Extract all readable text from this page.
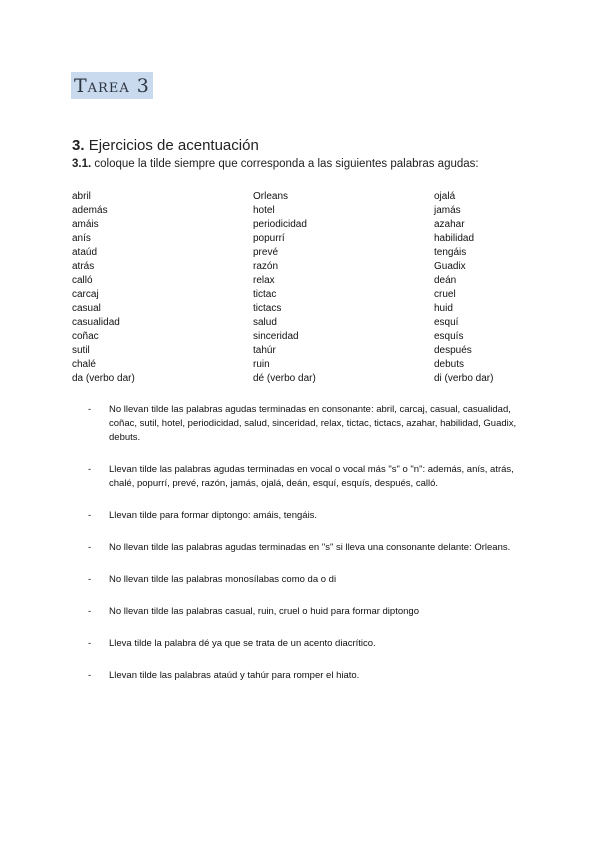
Tarea 3
3. Ejercicios de acentuación
3.1. coloque la tilde siempre que corresponda a las siguientes palabras agudas:
abril
además
amáis
anís
ataúd
atrás
calló
carcaj
casual
casualidad
coñac
sutil
chalé
da (verbo dar)
Orleans
hotel
periodicidad
popurrí
prevé
razón
relax
tictac
tictacs
salud
sinceridad
tahúr
ruin
dé (verbo dar)
ojalá
jamás
azahar
habilidad
tengáis
Guadix
deán
cruel
huid
esquí
esquís
después
debuts
di (verbo dar)
- No llevan tilde las palabras agudas terminadas en consonante: abril, carcaj, casual, casualidad, coñac, sutil, hotel, periodicidad, salud, sinceridad, relax, tictac, tictacs, azahar, habilidad, Guadix, debuts.
- Llevan tilde las palabras agudas terminadas en vocal o vocal más "s" o "n": además, anís, atrás, chalé, popurrí, prevé, razón, jamás, ojalá, deán, esquí, esquís, después, calló.
- Llevan tilde para formar diptongo: amáis, tengáis.
- No llevan tilde las palabras agudas terminadas en "s" si lleva una consonante delante: Orleans.
- No llevan tilde las palabras monosílabas como da o di
- No llevan tilde las palabras casual, ruin, cruel o huid para formar diptongo
- Lleva tilde la palabra dé ya que se trata de un acento diacrítico.
- Llevan tilde las palabras ataúd y tahúr para romper el hiato.
